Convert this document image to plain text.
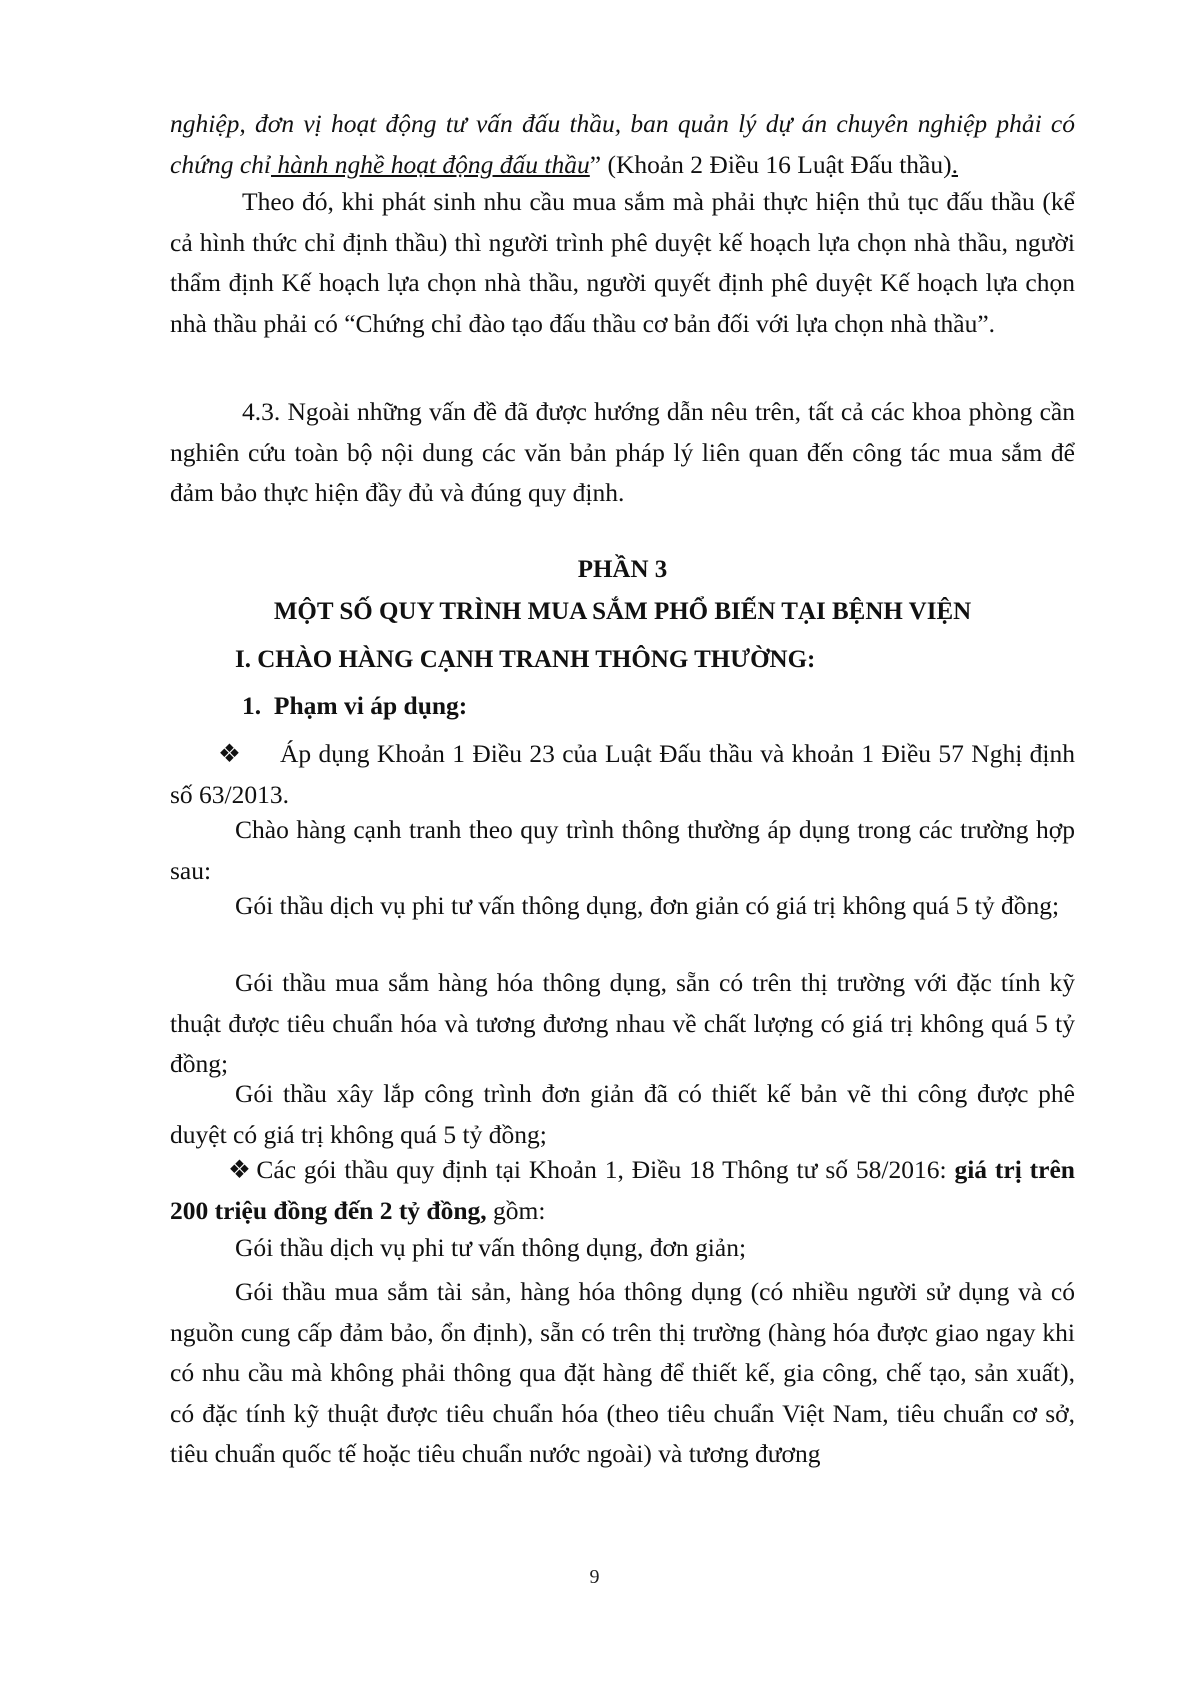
nghiệp, đơn vị hoạt động tư vấn đấu thầu, ban quản lý dự án chuyên nghiệp phải có chứng chỉ hành nghề hoạt động đấu thầu” (Khoản 2 Điều 16 Luật Đấu thầu).

Theo đó, khi phát sinh nhu cầu mua sắm mà phải thực hiện thủ tục đấu thầu (kể cả hình thức chỉ định thầu) thì người trình phê duyệt kế hoạch lựa chọn nhà thầu, người thẩm định Kế hoạch lựa chọn nhà thầu, người quyết định phê duyệt Kế hoạch lựa chọn nhà thầu phải có “Chứng chỉ đào tạo đấu thầu cơ bản đối với lựa chọn nhà thầu”.

4.3. Ngoài những vấn đề đã được hướng dẫn nêu trên, tất cả các khoa phòng cần nghiên cứu toàn bộ nội dung các văn bản pháp lý liên quan đến công tác mua sắm để đảm bảo thực hiện đầy đủ và đúng quy định.

PHẦN 3
MỘT SỐ QUY TRÌNH MUA SẮM PHỔ BIẾN TẠI BỆNH VIỆN
I. CHÀO HÀNG CẠNH TRANH THÔNG THƯỜNG:
1. Phạm vi áp dụng:

❖ Áp dụng Khoản 1 Điều 23 của Luật Đấu thầu và khoản 1 Điều 57 Nghị định số 63/2013.

Chào hàng cạnh tranh theo quy trình thông thường áp dụng trong các trường hợp sau:

Gói thầu dịch vụ phi tư vấn thông dụng, đơn giản có giá trị không quá 5 tỷ đồng;

Gói thầu mua sắm hàng hóa thông dụng, sẵn có trên thị trường với đặc tính kỹ thuật được tiêu chuẩn hóa và tương đương nhau về chất lượng có giá trị không quá 5 tỷ đồng;

Gói thầu xây lắp công trình đơn giản đã có thiết kế bản vẽ thi công được phê duyệt có giá trị không quá 5 tỷ đồng;

❖ Các gói thầu quy định tại Khoản 1, Điều 18 Thông tư số 58/2016: giá trị trên 200 triệu đồng đến 2 tỷ đồng, gồm:

Gói thầu dịch vụ phi tư vấn thông dụng, đơn giản;

Gói thầu mua sắm tài sản, hàng hóa thông dụng (có nhiều người sử dụng và có nguồn cung cấp đảm bảo, ổn định), sẵn có trên thị trường (hàng hóa được giao ngay khi có nhu cầu mà không phải thông qua đặt hàng để thiết kế, gia công, chế tạo, sản xuất), có đặc tính kỹ thuật được tiêu chuẩn hóa (theo tiêu chuẩn Việt Nam, tiêu chuẩn cơ sở, tiêu chuẩn quốc tế hoặc tiêu chuẩn nước ngoài) và tương đương

9
